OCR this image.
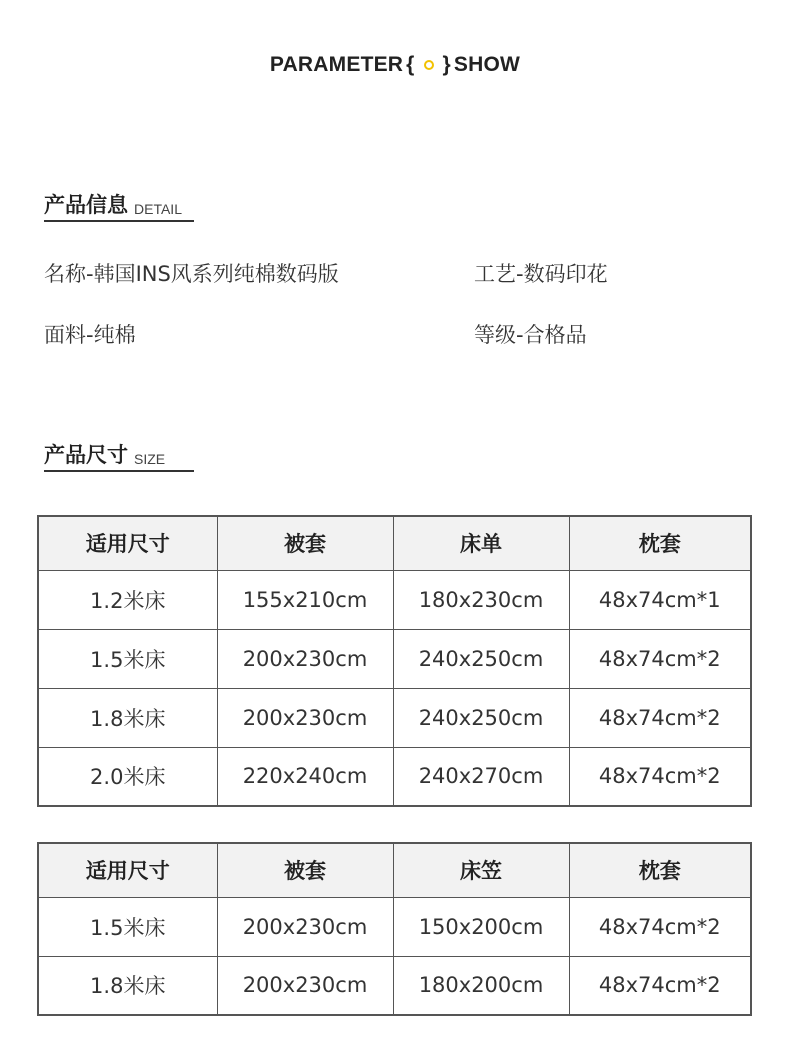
PARAMETER { } SHOW
产品信息 DETAIL
名称-韩国INS风系列纯棉数码版	工艺-数码印花
面料-纯棉	等级-合格品
产品尺寸 SIZE
适用尺寸	被套	床单	枕套
1.2米床	155x210cm	180x230cm	48x74cm*1
1.5米床	200x230cm	240x250cm	48x74cm*2
1.8米床	200x230cm	240x250cm	48x74cm*2
2.0米床	220x240cm	240x270cm	48x74cm*2
适用尺寸	被套	床笠	枕套
1.5米床	200x230cm	150x200cm	48x74cm*2
1.8米床	200x230cm	180x200cm	48x74cm*2
